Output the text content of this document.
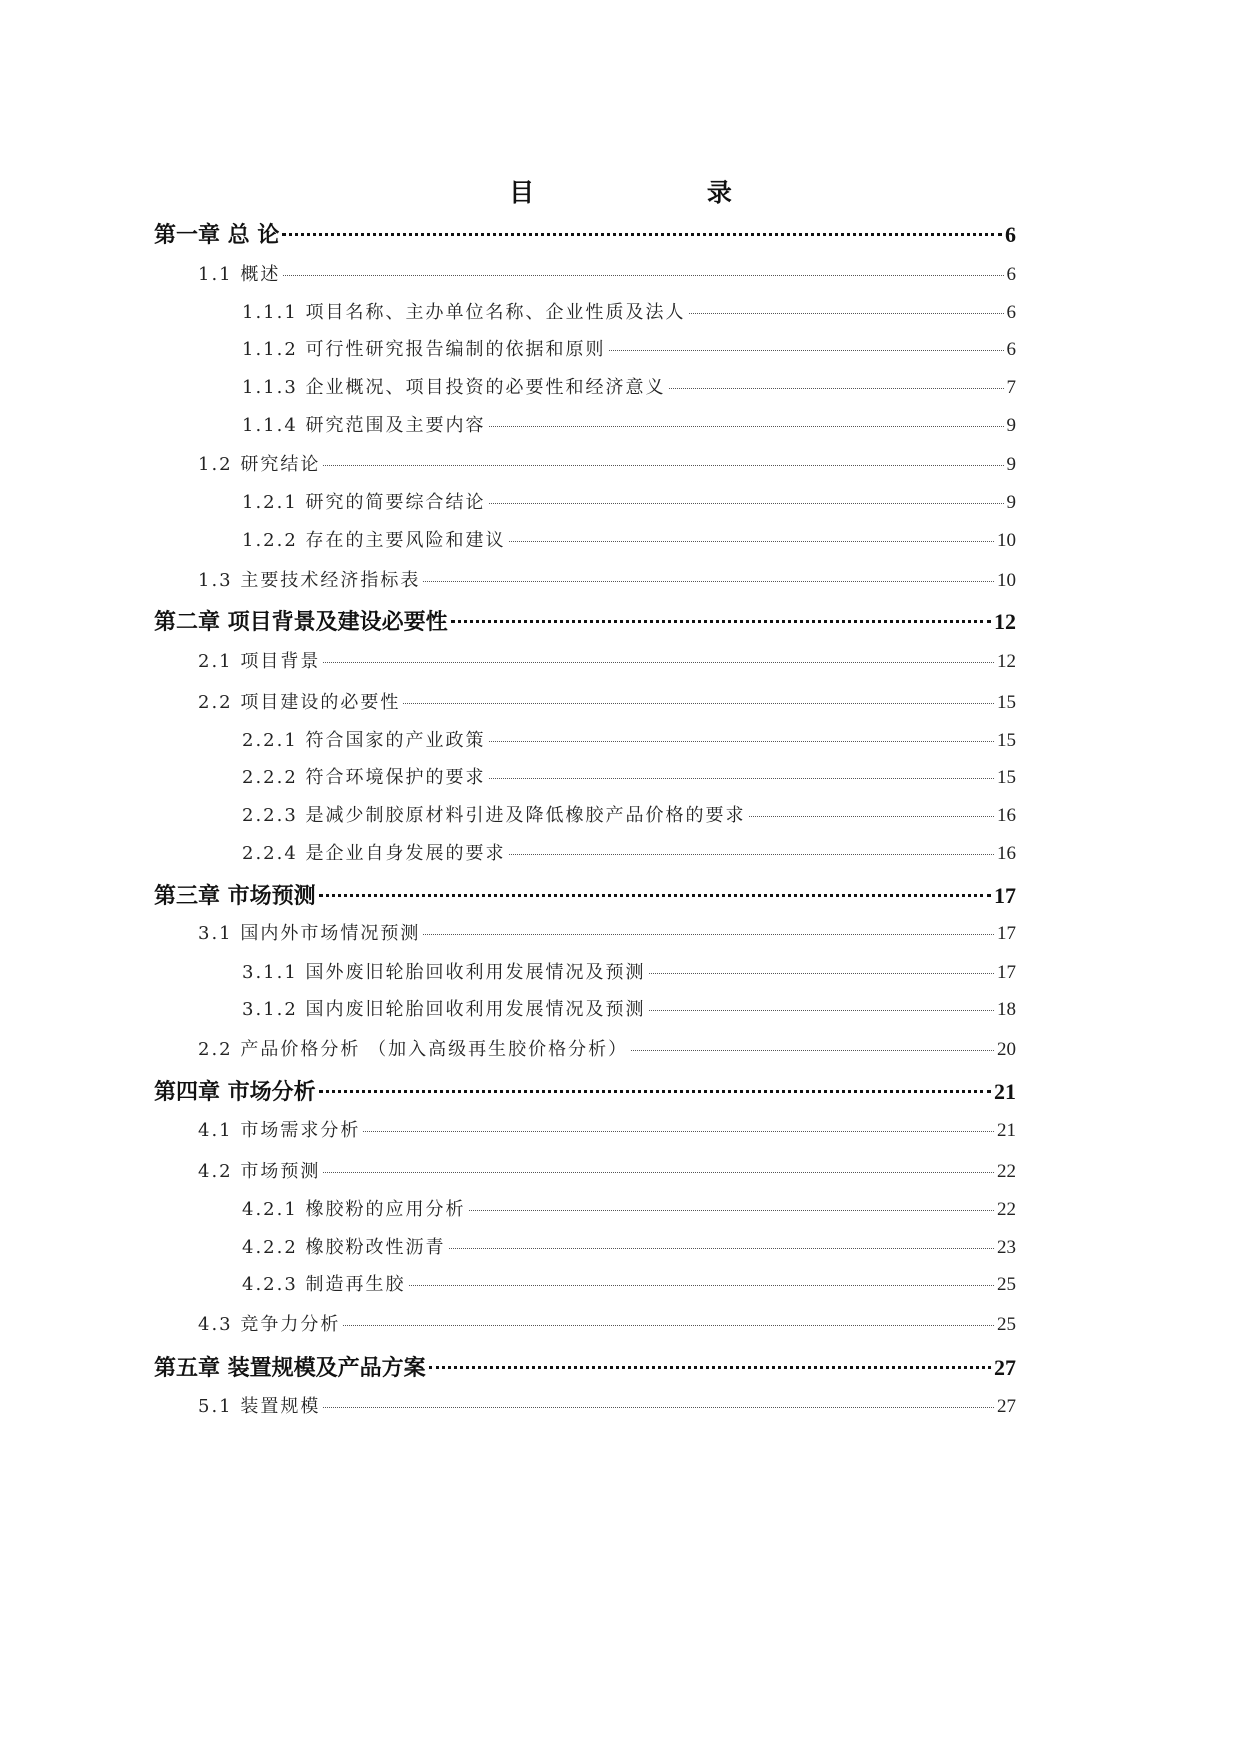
目 录
第一章 总 论	6
1.1 概述	6
1.1.1 项目名称、主办单位名称、企业性质及法人	6
1.1.2 可行性研究报告编制的依据和原则	6
1.1.3 企业概况、项目投资的必要性和经济意义	7
1.1.4 研究范围及主要内容	9
1.2 研究结论	9
1.2.1 研究的简要综合结论	9
1.2.2 存在的主要风险和建议	10
1.3 主要技术经济指标表	10
第二章 项目背景及建设必要性	12
2.1 项目背景	12
2.2 项目建设的必要性	15
2.2.1 符合国家的产业政策	15
2.2.2 符合环境保护的要求	15
2.2.3 是减少制胶原材料引进及降低橡胶产品价格的要求	16
2.2.4 是企业自身发展的要求	16
第三章 市场预测	17
3.1 国内外市场情况预测	17
3.1.1 国外废旧轮胎回收利用发展情况及预测	17
3.1.2 国内废旧轮胎回收利用发展情况及预测	18
2.2 产品价格分析 （加入高级再生胶价格分析）	20
第四章 市场分析	21
4.1 市场需求分析	21
4.2 市场预测	22
4.2.1 橡胶粉的应用分析	22
4.2.2 橡胶粉改性沥青	23
4.2.3 制造再生胶	25
4.3 竞争力分析	25
第五章 装置规模及产品方案	27
5.1 装置规模	27
